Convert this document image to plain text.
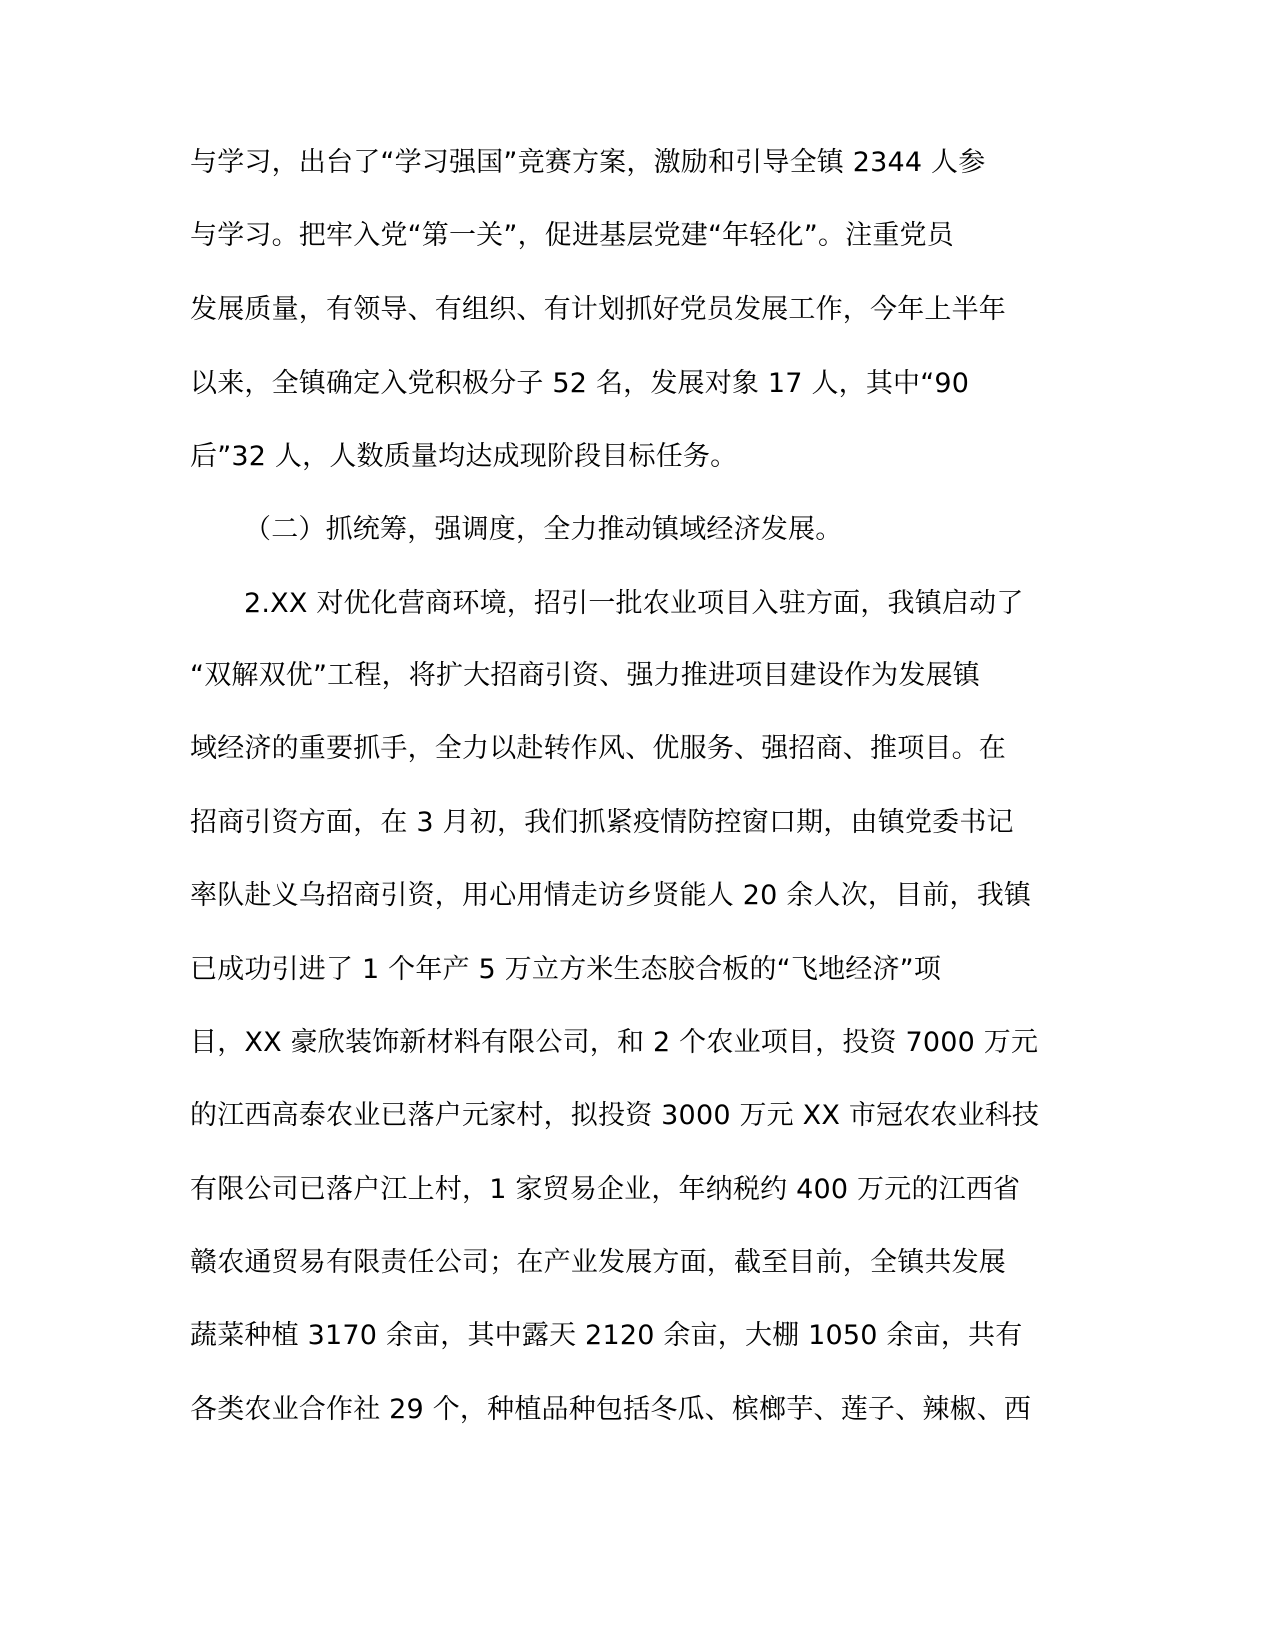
与学习，出台了“学习强国”竞赛方案，激励和引导全镇 2344 人参
与学习。把牢入党“第一关”，促进基层党建“年轻化”。注重党员
发展质量，有领导、有组织、有计划抓好党员发展工作，今年上半年
以来，全镇确定入党积极分子 52 名，发展对象 17 人，其中“90
后”32 人，人数质量均达成现阶段目标任务。
（二）抓统筹，强调度，全力推动镇域经济发展。
2.XX 对优化营商环境，招引一批农业项目入驻方面，我镇启动了
“双解双优”工程，将扩大招商引资、强力推进项目建设作为发展镇
域经济的重要抓手，全力以赴转作风、优服务、强招商、推项目。在
招商引资方面，在 3 月初，我们抓紧疫情防控窗口期，由镇党委书记
率队赴义乌招商引资，用心用情走访乡贤能人 20 余人次，目前，我镇
已成功引进了 1 个年产 5 万立方米生态胶合板的“飞地经济”项
目，XX 豪欣装饰新材料有限公司，和 2 个农业项目，投资 7000 万元
的江西高泰农业已落户元家村，拟投资 3000 万元 XX 市冠农农业科技
有限公司已落户江上村，1 家贸易企业，年纳税约 400 万元的江西省
赣农通贸易有限责任公司；在产业发展方面，截至目前，全镇共发展
蔬菜种植 3170 余亩，其中露天 2120 余亩，大棚 1050 余亩，共有
各类农业合作社 29 个，种植品种包括冬瓜、槟榔芋、莲子、辣椒、西
